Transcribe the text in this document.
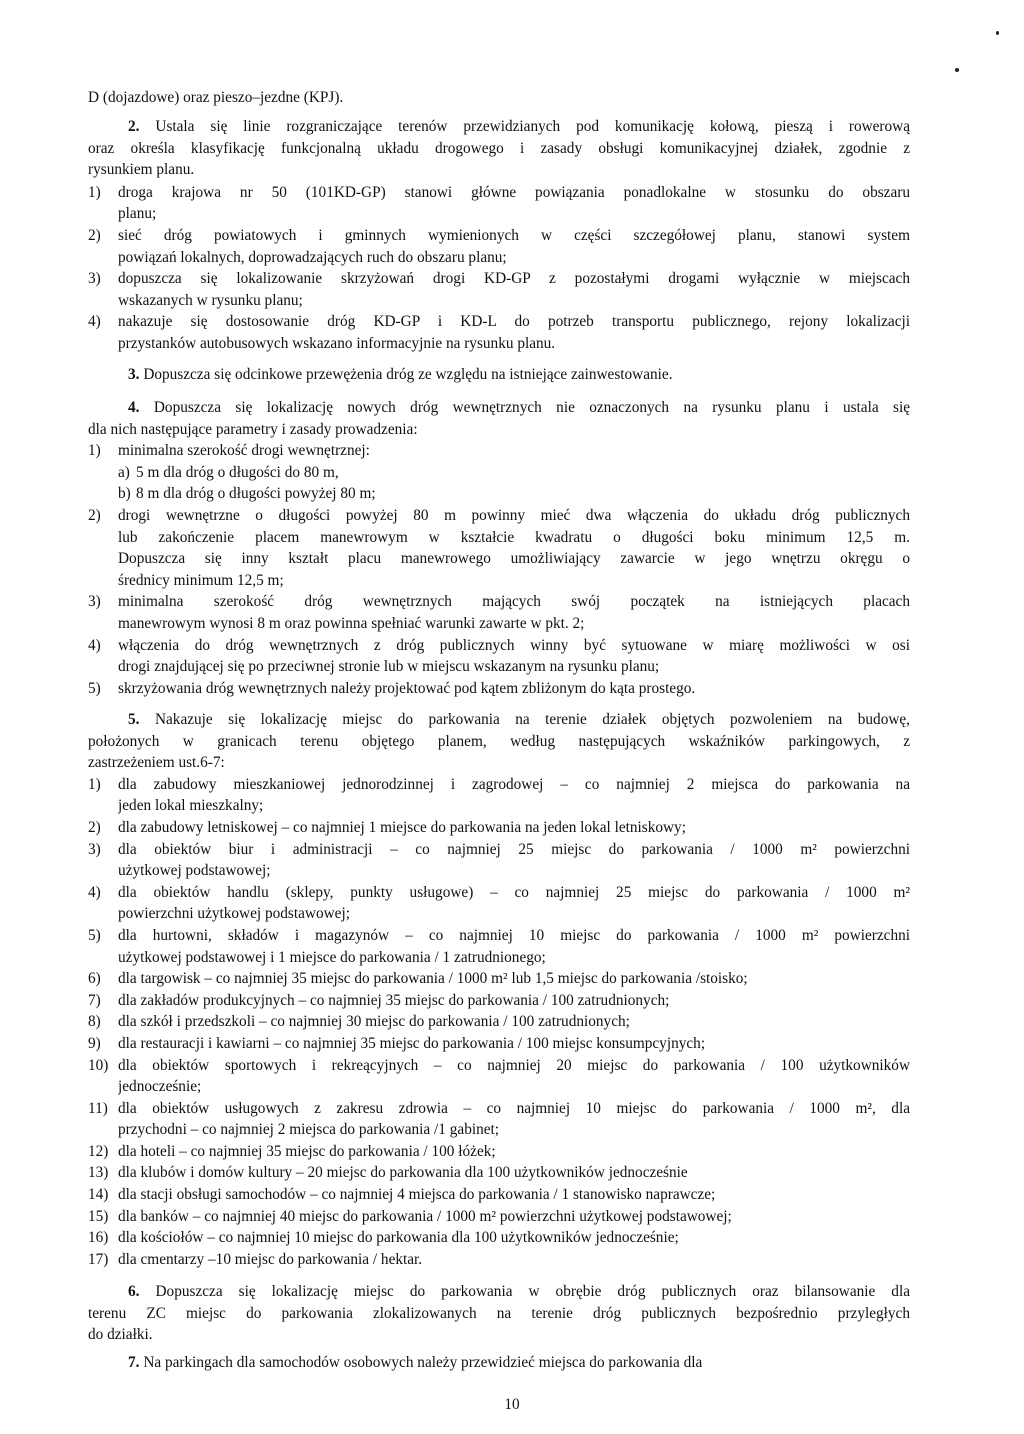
D (dojazdowe) oraz pieszo–jezdne (KPJ).

2. Ustala się linie rozgraniczające terenów przewidzianych pod komunikację kołową, pieszą i rowerową

oraz określa klasyfikację funkcjonalną układu drogowego i zasady obsługi komunikacyjnej działek, zgodnie z

rysunkiem planu.

1) droga krajowa nr 50 (101KD-GP) stanowi główne powiązania ponadlokalne w stosunku do obszaru

planu;

2) sieć dróg powiatowych i gminnych wymienionych w części szczegółowej planu, stanowi system

powiązań lokalnych, doprowadzających ruch do obszaru planu;

3) dopuszcza się lokalizowanie skrzyżowań drogi KD-GP z pozostałymi drogami wyłącznie w miejscach

wskazanych w rysunku planu;

4) nakazuje się dostosowanie dróg KD-GP i KD-L do potrzeb transportu publicznego, rejony lokalizacji

przystanków autobusowych wskazano informacyjnie na rysunku planu.

3. Dopuszcza się odcinkowe przewężenia dróg ze względu na istniejące zainwestowanie.

4. Dopuszcza się lokalizację nowych dróg wewnętrznych nie oznaczonych na rysunku planu i ustala się

dla nich następujące parametry i zasady prowadzenia:

1) minimalna szerokość drogi wewnętrznej:

a) 5 m dla dróg o długości do 80 m,

b) 8 m dla dróg o długości powyżej 80 m;

2) drogi wewnętrzne o długości powyżej 80 m powinny mieć dwa włączenia do układu dróg publicznych

lub zakończenie placem manewrowym w kształcie kwadratu o długości boku minimum 12,5 m.

Dopuszcza się inny kształt placu manewrowego umożliwiający zawarcie w jego wnętrzu okręgu o

średnicy minimum 12,5 m;

3) minimalna szerokość dróg wewnętrznych mających swój początek na istniejących placach

manewrowym wynosi 8 m oraz powinna spełniać warunki zawarte w pkt. 2;

4) włączenia do dróg wewnętrznych z dróg publicznych winny być sytuowane w miarę możliwości w osi

drogi znajdującej się po przeciwnej stronie lub w miejscu wskazanym na rysunku planu;

5) skrzyżowania dróg wewnętrznych należy projektować pod kątem zbliżonym do kąta prostego.

5. Nakazuje się lokalizację miejsc do parkowania na terenie działek objętych pozwoleniem na budowę,

położonych w granicach terenu objętego planem, według następujących wskaźników parkingowych, z

zastrzeżeniem ust.6-7:

1) dla zabudowy mieszkaniowej jednorodzinnej i zagrodowej – co najmniej 2 miejsca do parkowania na

jeden lokal mieszkalny;

2) dla zabudowy letniskowej – co najmniej 1 miejsce do parkowania na jeden lokal letniskowy;

3) dla obiektów biur i administracji – co najmniej 25 miejsc do parkowania / 1000 m² powierzchni

użytkowej podstawowej;

4) dla obiektów handlu (sklepy, punkty usługowe) – co najmniej 25 miejsc do parkowania / 1000 m²

powierzchni użytkowej podstawowej;

5) dla hurtowni, składów i magazynów – co najmniej 10 miejsc do parkowania / 1000 m² powierzchni

użytkowej podstawowej i 1 miejsce do parkowania / 1 zatrudnionego;

6) dla targowisk – co najmniej 35 miejsc do parkowania / 1000 m² lub 1,5 miejsc do parkowania /stoisko;

7) dla zakładów produkcyjnych – co najmniej 35 miejsc do parkowania / 100 zatrudnionych;

8) dla szkół i przedszkoli – co najmniej 30 miejsc do parkowania / 100 zatrudnionych;

9) dla restauracji i kawiarni – co najmniej 35 miejsc do parkowania / 100 miejsc konsumpcyjnych;

10) dla obiektów sportowych i rekreącyjnych – co najmniej 20 miejsc do parkowania / 100 użytkowników

jednocześnie;

11) dla obiektów usługowych z zakresu zdrowia – co najmniej 10 miejsc do parkowania / 1000 m², dla

przychodni – co najmniej 2 miejsca do parkowania /1 gabinet;

12) dla hoteli – co najmniej 35 miejsc do parkowania / 100 łóżek;

13) dla klubów i domów kultury – 20 miejsc do parkowania dla 100 użytkowników jednocześnie

14) dla stacji obsługi samochodów – co najmniej 4 miejsca do parkowania / 1 stanowisko naprawcze;

15) dla banków – co najmniej 40 miejsc do parkowania / 1000 m² powierzchni użytkowej podstawowej;

16) dla kościołów – co najmniej 10 miejsc do parkowania dla 100 użytkowników jednocześnie;

17) dla cmentarzy –10 miejsc do parkowania / hektar.

6. Dopuszcza się lokalizację miejsc do parkowania w obrębie dróg publicznych oraz bilansowanie dla

terenu ZC miejsc do parkowania zlokalizowanych na terenie dróg publicznych bezpośrednio przyległych

do działki.

7. Na parkingach dla samochodów osobowych należy przewidzieć miejsca do parkowania dla

10
